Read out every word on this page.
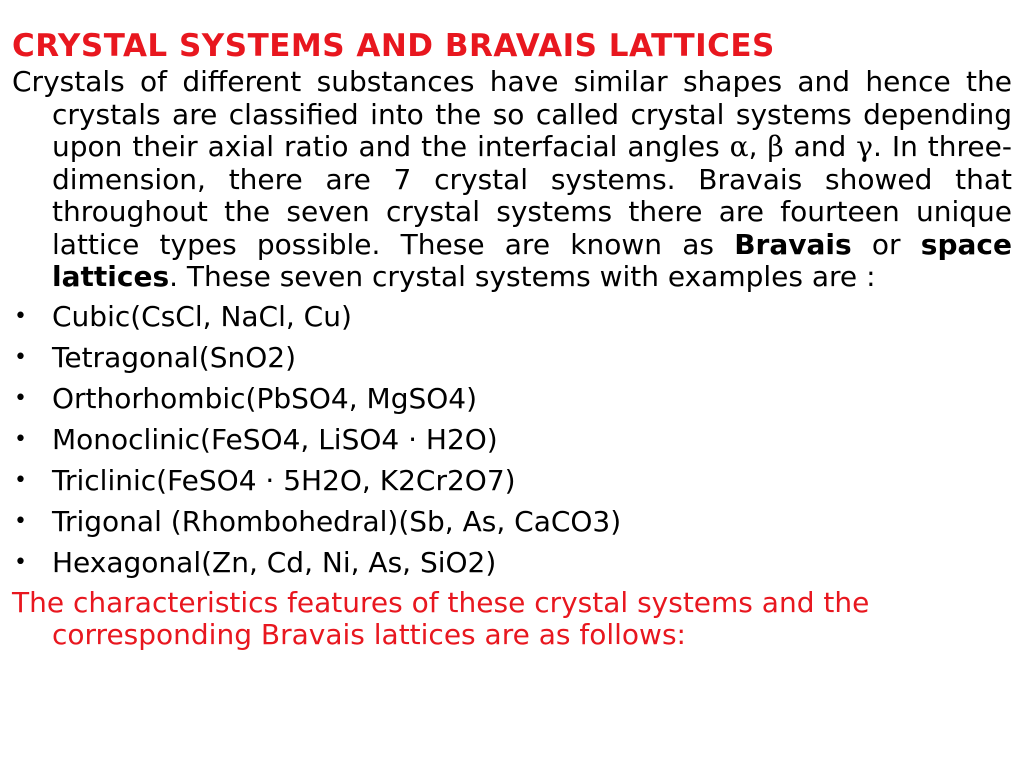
CRYSTAL SYSTEMS AND BRAVAIS LATTICES

Crystals of different substances have similar shapes and hence the crystals are classified into the so called crystal systems depending upon their axial ratio and the interfacial angles α, β and γ. In three-dimension, there are 7 crystal systems. Bravais showed that throughout the seven crystal systems there are fourteen unique lattice types possible. These are known as Bravais or space lattices. These seven crystal systems with examples are :

• Cubic(CsCl, NaCl, Cu)
• Tetragonal(SnO2)
• Orthorhombic(PbSO4, MgSO4)
• Monoclinic(FeSO4, LiSO4 · H2O)
• Triclinic(FeSO4 · 5H2O, K2Cr2O7)
• Trigonal (Rhombohedral)(Sb, As, CaCO3)
• Hexagonal(Zn, Cd, Ni, As, SiO2)

The characteristics features of these crystal systems and the corresponding Bravais lattices are as follows:
